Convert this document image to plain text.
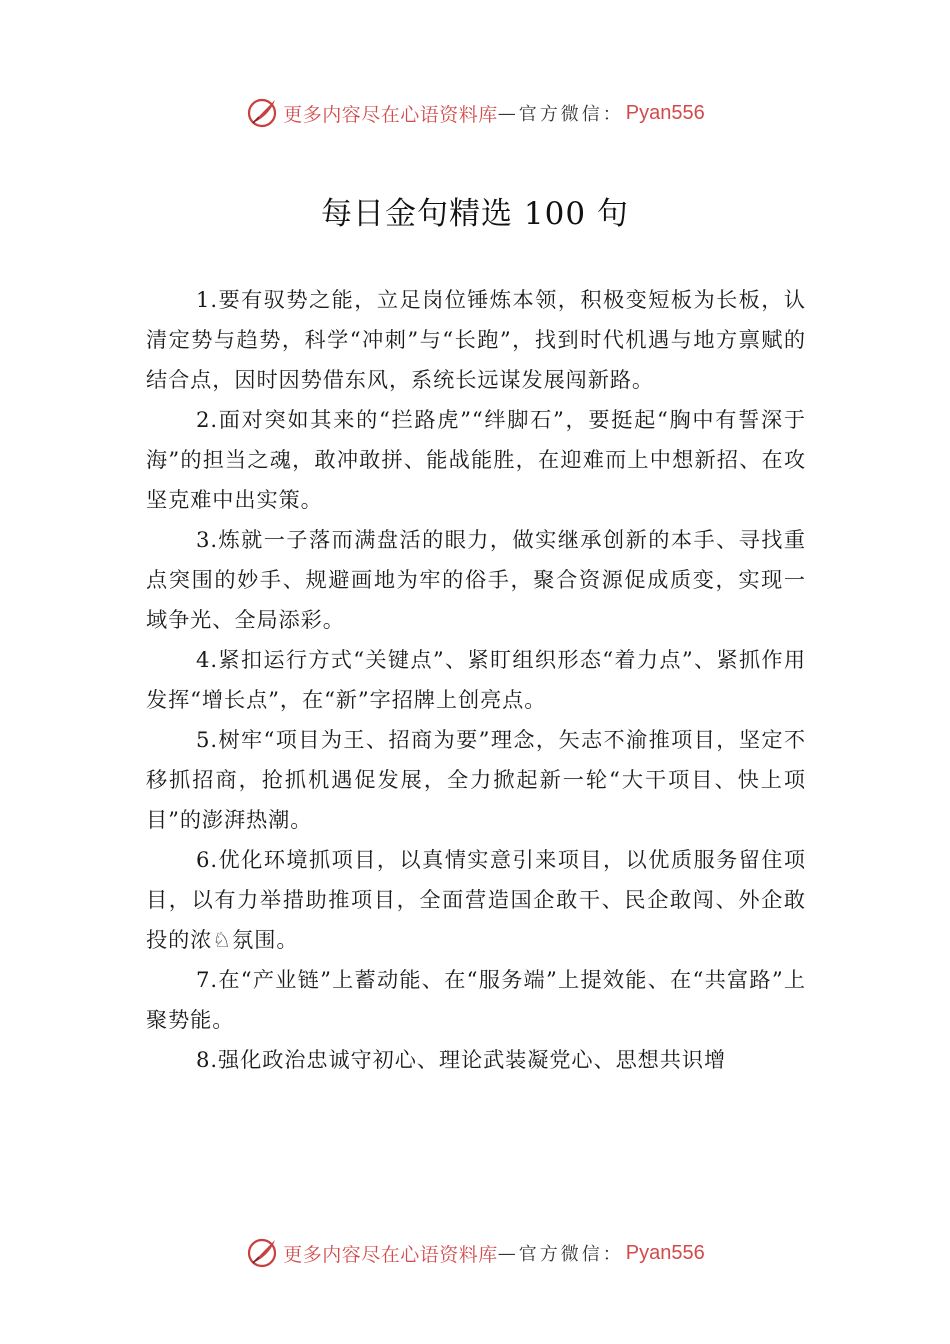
更多内容尽在心语资料库 — 官方微信： Pyan556
每日金句精选 100 句

1.要有驭势之能，立足岗位锤炼本领，积极变短板为长板，认清定势与趋势，科学“冲刺”与“长跑”，找到时代机遇与地方禀赋的结合点，因时因势借东风，系统长远谋发展闯新路。

2.面对突如其来的“拦路虎”“绊脚石”，要挺起“胸中有誓深于海”的担当之魂，敢冲敢拼、能战能胜，在迎难而上中想新招、在攻坚克难中出实策。

3.炼就一子落而满盘活的眼力，做实继承创新的本手、寻找重点突围的妙手、规避画地为牢的俗手，聚合资源促成质变，实现一域争光、全局添彩。

4.紧扣运行方式“关键点”、紧盯组织形态“着力点”、紧抓作用发挥“增长点”，在“新”字招牌上创亮点。

5.树牢“项目为王、招商为要”理念，矢志不渝推项目，坚定不移抓招商，抢抓机遇促发展，全力掀起新一轮“大干项目、快上项目”的澎湃热潮。

6.优化环境抓项目，以真情实意引来项目，以优质服务留住项目，以有力举措助推项目，全面营造国企敢干、民企敢闯、外企敢投的浓♘氛围。

7.在“产业链”上蓄动能、在“服务端”上提效能、在“共富路”上聚势能。

8.强化政治忠诚守初心、理论武装凝党心、思想共识增

更多内容尽在心语资料库 — 官方微信： Pyan556
